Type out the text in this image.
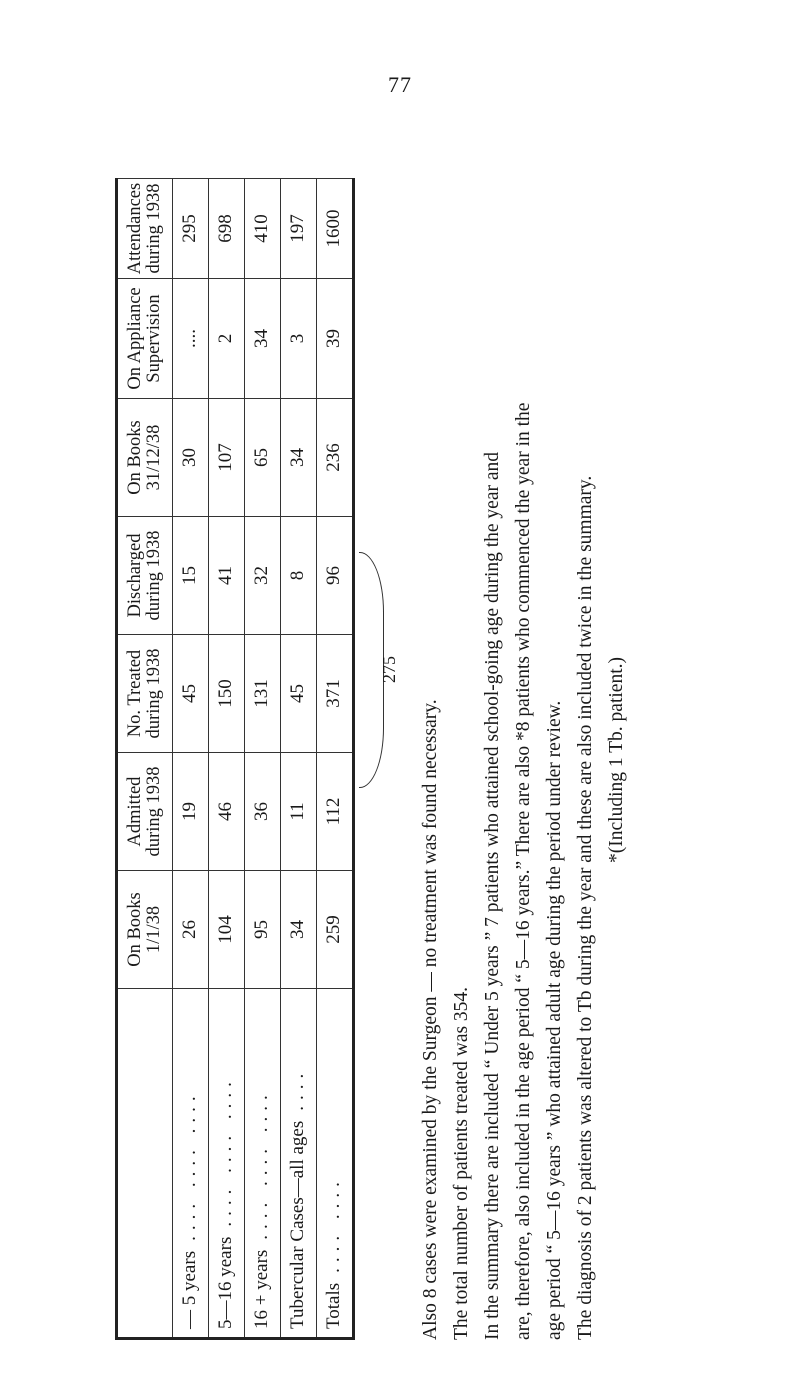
77
	On Books 1/1/38	Admitted during 1938	No. Treated during 1938	Discharged during 1938	On Books 31/12/38	On Appliance Supervision	Attendances during 1938
— 5 years.... .... ....	26	19	45	15	30	....	295
5—16 years.... .... ....	104	46	150	41	107	2	698
16 + years.... .... ....	95	36	131	32	65	34	410
Tubercular Cases—all ages....	34	11	45	8	34	3	197
Totals.... ....	259	112	371	96	236	39	1600
275

Also 8 cases were examined by the Surgeon — no treatment was found necessary. The total number of patients treated was 354. In the summary there are included “ Under 5 years ” 7 patients who attained school-going age during the year and are, therefore, also included in the age period “ 5—16 years.” There are also *8 patients who commenced the year in the age period “ 5—16 years ” who attained adult age during the period under review. The diagnosis of 2 patients was altered to Tb during the year and these are also included twice in the summary. *(Including 1 Tb. patient.)
